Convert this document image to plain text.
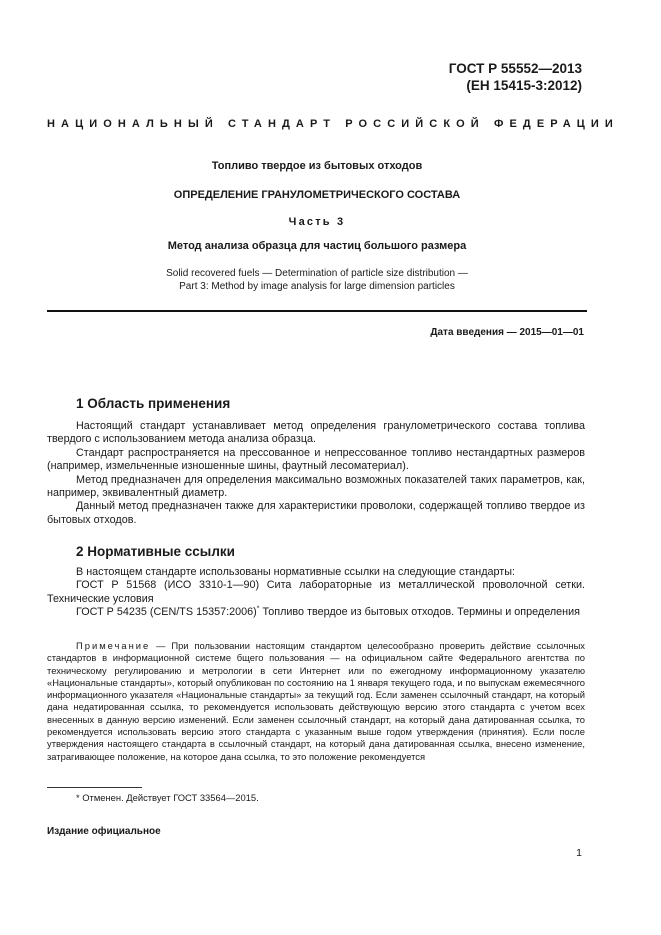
ГОСТ Р 55552—2013
(ЕН 15415-3:2012)
НАЦИОНАЛЬНЫЙ СТАНДАРТ РОССИЙСКОЙ ФЕДЕРАЦИИ
Топливо твердое из бытовых отходов
ОПРЕДЕЛЕНИЕ ГРАНУЛОМЕТРИЧЕСКОГО СОСТАВА
Часть 3
Метод анализа образца для частиц большого размера
Solid recovered fuels — Determination of particle size distribution —
Part 3: Method by image analysis for large dimension particles
Дата введения — 2015—01—01
1 Область применения
Настоящий стандарт устанавливает метод определения гранулометрического состава топлива твердого с использованием метода анализа образца.
Стандарт распространяется на прессованное и непрессованное топливо нестандартных размеров (например, измельченные изношенные шины, фаутный лесоматериал).
Метод предназначен для определения максимально возможных показателей таких параметров, как, например, эквивалентный диаметр.
Данный метод предназначен также для характеристики проволоки, содержащей топливо твердое из бытовых отходов.
2 Нормативные ссылки
В настоящем стандарте использованы нормативные ссылки на следующие стандарты:
ГОСТ Р 51568 (ИСО 3310-1—90) Сита лабораторные из металлической проволочной сетки. Технические условия
ГОСТ Р 54235 (CEN/TS 15357:2006)* Топливо твердое из бытовых отходов. Термины и определения
Примечание — При пользовании настоящим стандартом целесообразно проверить действие ссылочных стандартов в информационной системе бщего пользования — на официальном сайте Федерального агентства по техническому регулированию и метрологии в сети Интернет или по ежегодному информационному указателю «Национальные стандарты», который опубликован по состоянию на 1 января текущего года, и по выпускам ежемесячного информационного указателя «Национальные стандарты» за текущий год. Если заменен ссылочный стандарт, на который дана недатированная ссылка, то рекомендуется использовать действующую версию этого стандарта с учетом всех внесенных в данную версию изменений. Если заменен ссылочный стандарт, на который дана датированная ссылка, то рекомендуется использовать версию этого стандарта с указанным выше годом утверждения (принятия). Если после утверждения настоящего стандарта в ссылочный стандарт, на который дана датированная ссылка, внесено изменение, затрагивающее положение, на которое дана ссылка, то это положение рекомендуется
* Отменен. Действует ГОСТ 33564—2015.
Издание официальное
1
